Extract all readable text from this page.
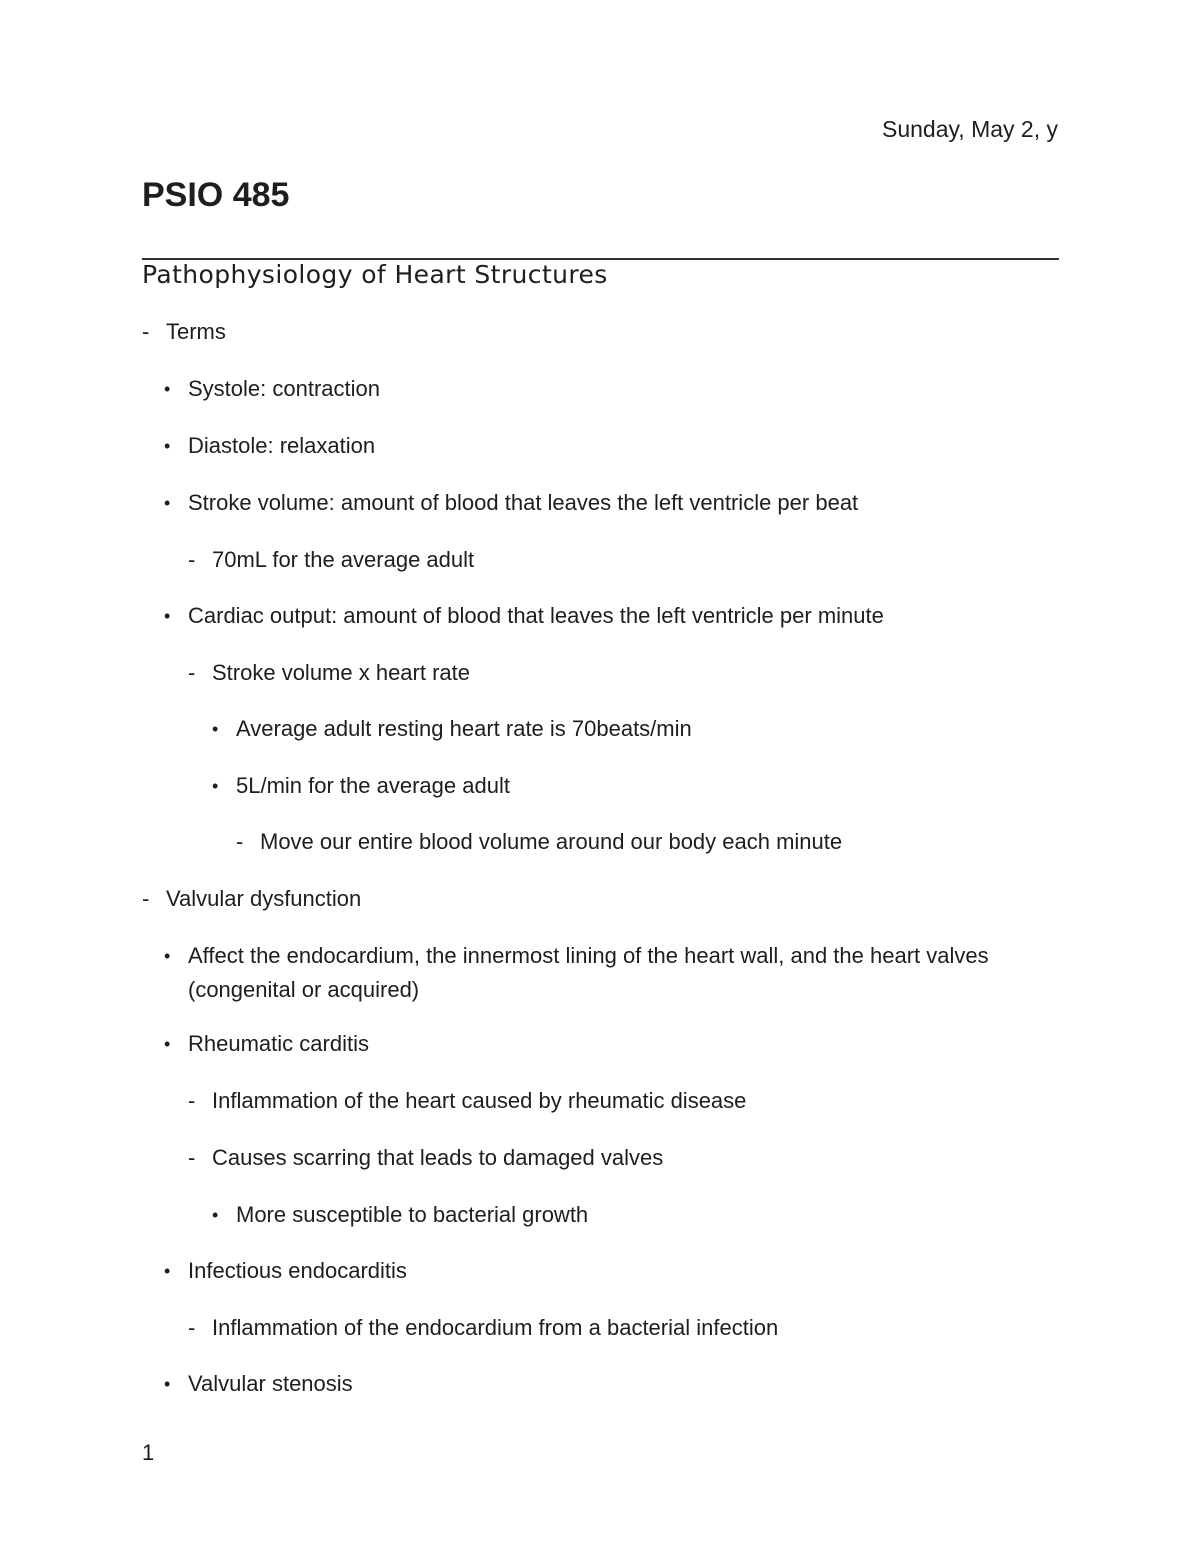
Sunday, May 2, y
PSIO 485
Pathophysiology of Heart Structures
- Terms
• Systole: contraction
• Diastole: relaxation
• Stroke volume: amount of blood that leaves the left ventricle per beat
- 70mL for the average adult
• Cardiac output: amount of blood that leaves the left ventricle per minute
- Stroke volume x heart rate
• Average adult resting heart rate is 70beats/min
• 5L/min for the average adult
- Move our entire blood volume around our body each minute
- Valvular dysfunction
• Affect the endocardium, the innermost lining of the heart wall, and the heart valves
(congenital or acquired)
• Rheumatic carditis
- Inflammation of the heart caused by rheumatic disease
- Causes scarring that leads to damaged valves
• More susceptible to bacterial growth
• Infectious endocarditis
- Inflammation of the endocardium from a bacterial infection
• Valvular stenosis
1
